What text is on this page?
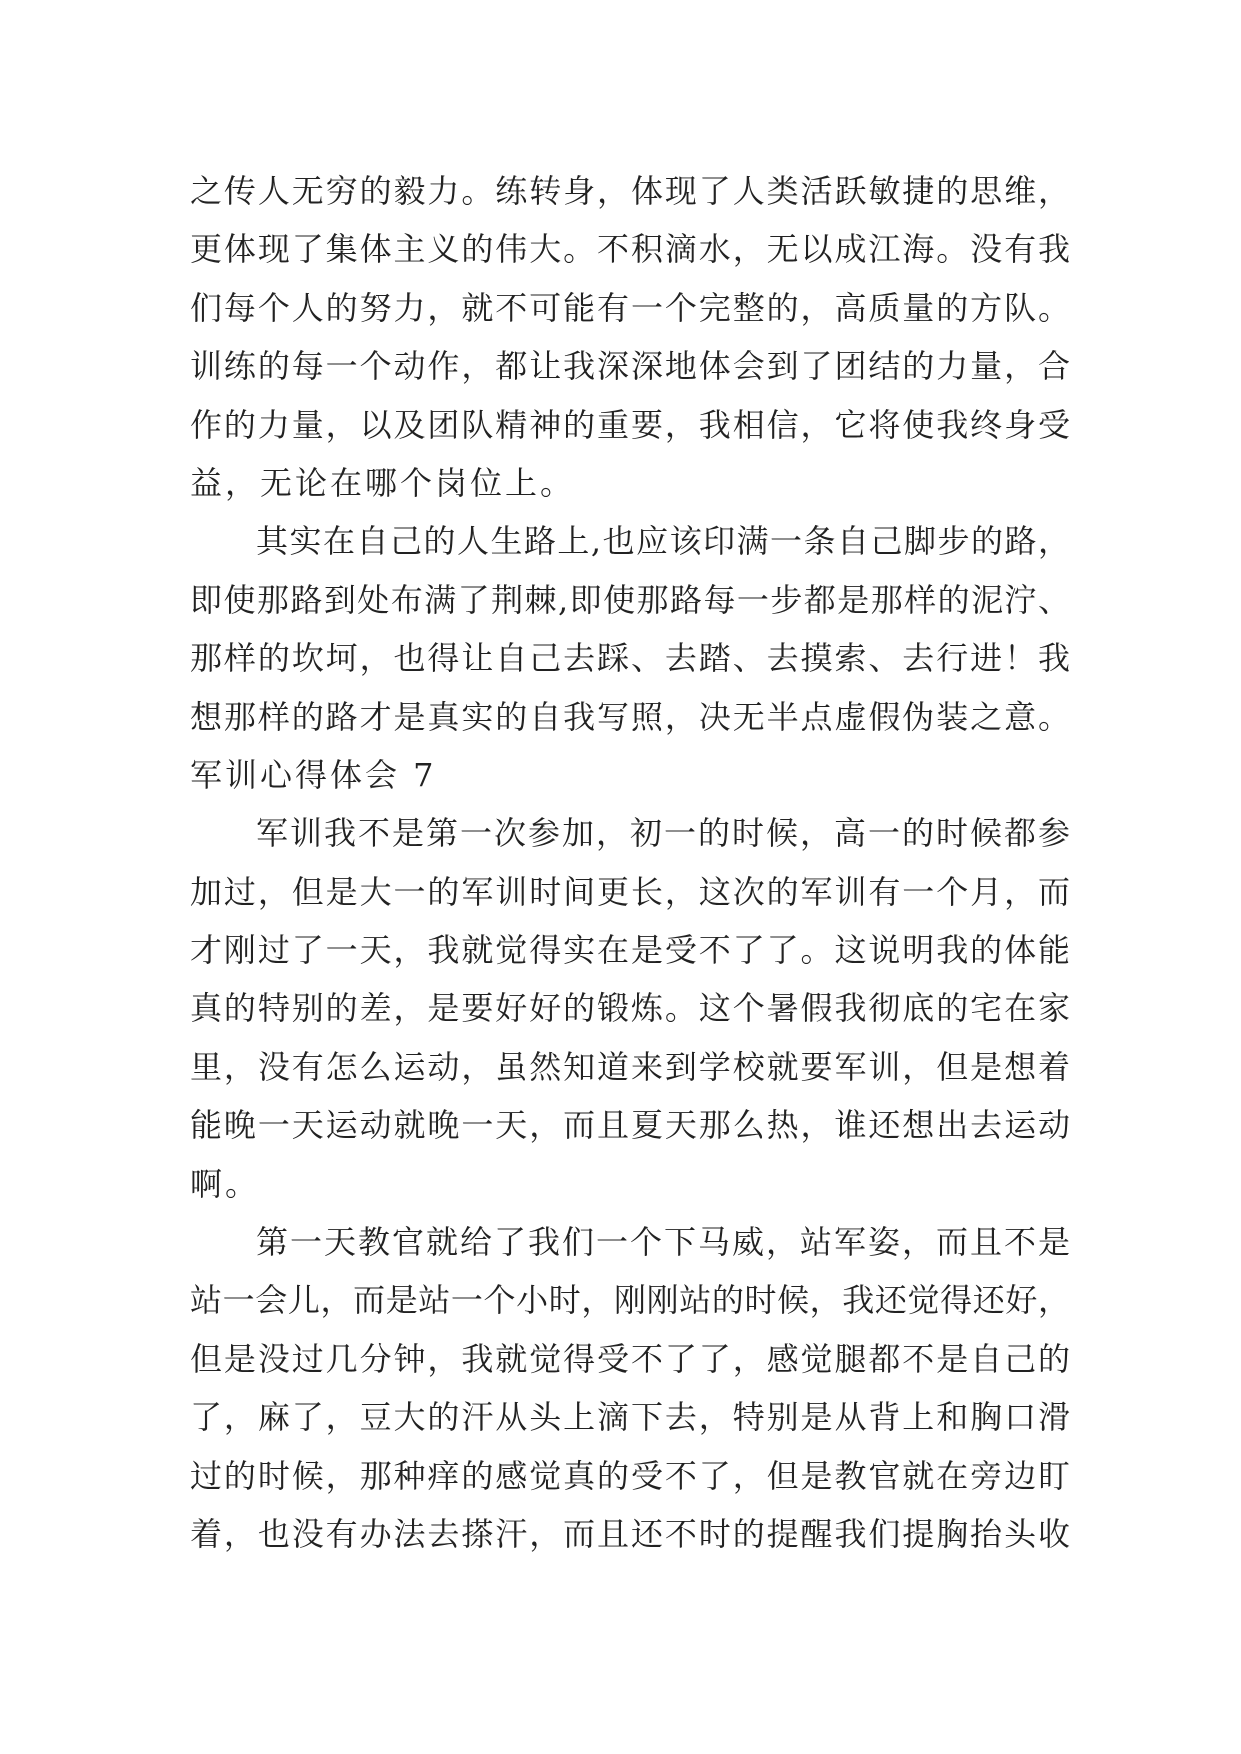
之传人无穷的毅力。练转身，体现了人类活跃敏捷的思维，
更体现了集体主义的伟大。不积滴水，无以成江海。没有我
们每个人的努力，就不可能有一个完整的，高质量的方队。
训练的每一个动作，都让我深深地体会到了团结的力量，合
作的力量，以及团队精神的重要，我相信，它将使我终身受
益，无论在哪个岗位上。
其实在自己的人生路上,也应该印满一条自己脚步的路，
即使那路到处布满了荆棘,即使那路每一步都是那样的泥泞、
那样的坎坷，也得让自己去踩、去踏、去摸索、去行进！我
想那样的路才是真实的自我写照，决无半点虚假伪装之意。
军训心得体会 7
军训我不是第一次参加，初一的时候，高一的时候都参
加过，但是大一的军训时间更长，这次的军训有一个月，而
才刚过了一天，我就觉得实在是受不了了。这说明我的体能
真的特别的差，是要好好的锻炼。这个暑假我彻底的宅在家
里，没有怎么运动，虽然知道来到学校就要军训，但是想着
能晚一天运动就晚一天，而且夏天那么热，谁还想出去运动
啊。
第一天教官就给了我们一个下马威，站军姿，而且不是
站一会儿，而是站一个小时，刚刚站的时候，我还觉得还好，
但是没过几分钟，我就觉得受不了了，感觉腿都不是自己的
了，麻了，豆大的汗从头上滴下去，特别是从背上和胸口滑
过的时候，那种痒的感觉真的受不了，但是教官就在旁边盯
着，也没有办法去搽汗，而且还不时的提醒我们提胸抬头收
